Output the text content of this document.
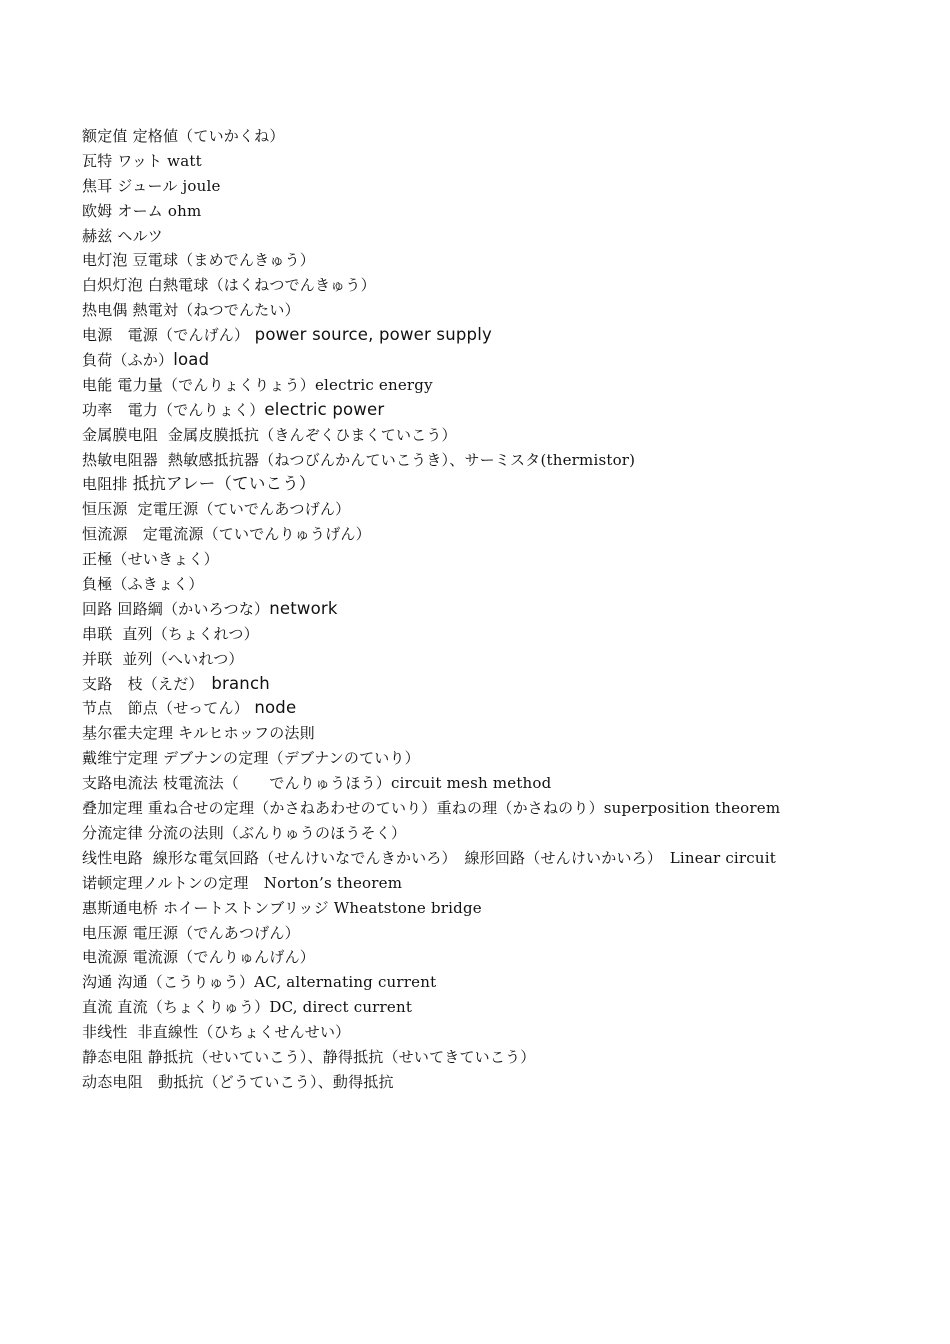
额定值 定格値（ていかくね）
瓦特 ワット watt
焦耳 ジュール joule
欧姆 オーム ohm
赫兹 ヘルツ
电灯泡 豆電球（まめでんきゅう）
白炽灯泡 白熱電球（はくねつでんきゅう）
热电偶 熱電対（ねつでんたい）
电源　電源（でんげん） power source, power supply
負荷（ふか）load
电能 電力量（でんりょくりょう）electric energy
功率　電力（でんりょく）electric power
金属膜电阻  金属皮膜抵抗（きんぞくひまくていこう）
热敏电阻器  熱敏感抵抗器（ねつびんかんていこうき）、サーミスタ(thermistor)
电阻排 抵抗アレー（ていこう）
恒压源  定電圧源（ていでんあつげん）
恒流源　定電流源（ていでんりゅうげん）
正極（せいきょく）
負極（ふきょく）
回路 回路綱（かいろつな）network
串联  直列（ちょくれつ）
并联  並列（へいれつ）
支路　枝（えだ）　branch
节点　節点（せってん） node
基尔霍夫定理 キルヒホッフの法則
戴维宁定理 デブナンの定理（デブナンのていり）
支路电流法 枝電流法（　　でんりゅうほう）circuit mesh method
叠加定理 重ね合せの定理（かさねあわせのていり）重ねの理（かさねのり）superposition theorem
分流定律 分流の法則（ぶんりゅうのほうそく）
线性电路  線形な電気回路（せんけいなでんきかいろ）　線形回路（せんけいかいろ）　Linear circuit
诺顿定理ノルトンの定理　Norton’s theorem
惠斯通电桥 ホイートストンブリッジ Wheatstone bridge
电压源 電圧源（でんあつげん）
电流源 電流源（でんりゅんげん）
沟通 沟通（こうりゅう）AC, alternating current
直流 直流（ちょくりゅう）DC, direct current
非线性  非直線性（ひちょくせんせい）
静态电阻 静抵抗（せいていこう）、静得抵抗（せいてきていこう）
动态电阻　動抵抗（どうていこう）、動得抵抗
